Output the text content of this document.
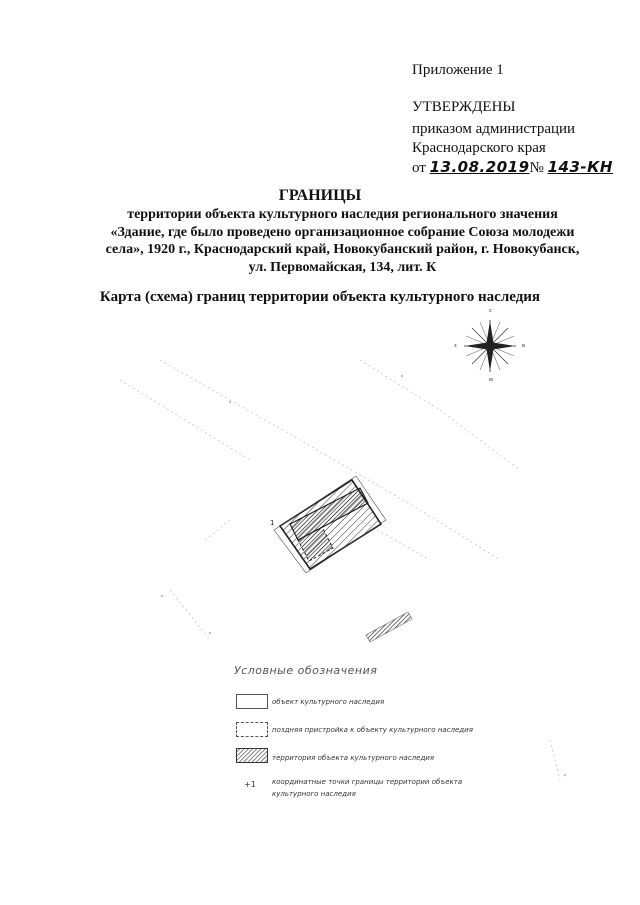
Приложение 1
УТВЕРЖДЕНЫ
приказом администрации
Краснодарского края
от 13.08.2019№ 143-КН
ГРАНИЦЫ
территории объекта культурного наследия регионального значения «Здание, где было проведено организационное собрание Союза молодежи села», 1920 г., Краснодарский край, Новокубанский район, г. Новокубанск, ул. Первомайская, 134, лит. К
Карта (схема) границ территории объекта культурного наследия
с
ю
з	в
1
Условные обозначения
объект культурного наследия
поздняя пристройка к объекту культурного наследия
территория объекта культурного наследия
+1 координатные точки границы территории объекта культурного наследия
